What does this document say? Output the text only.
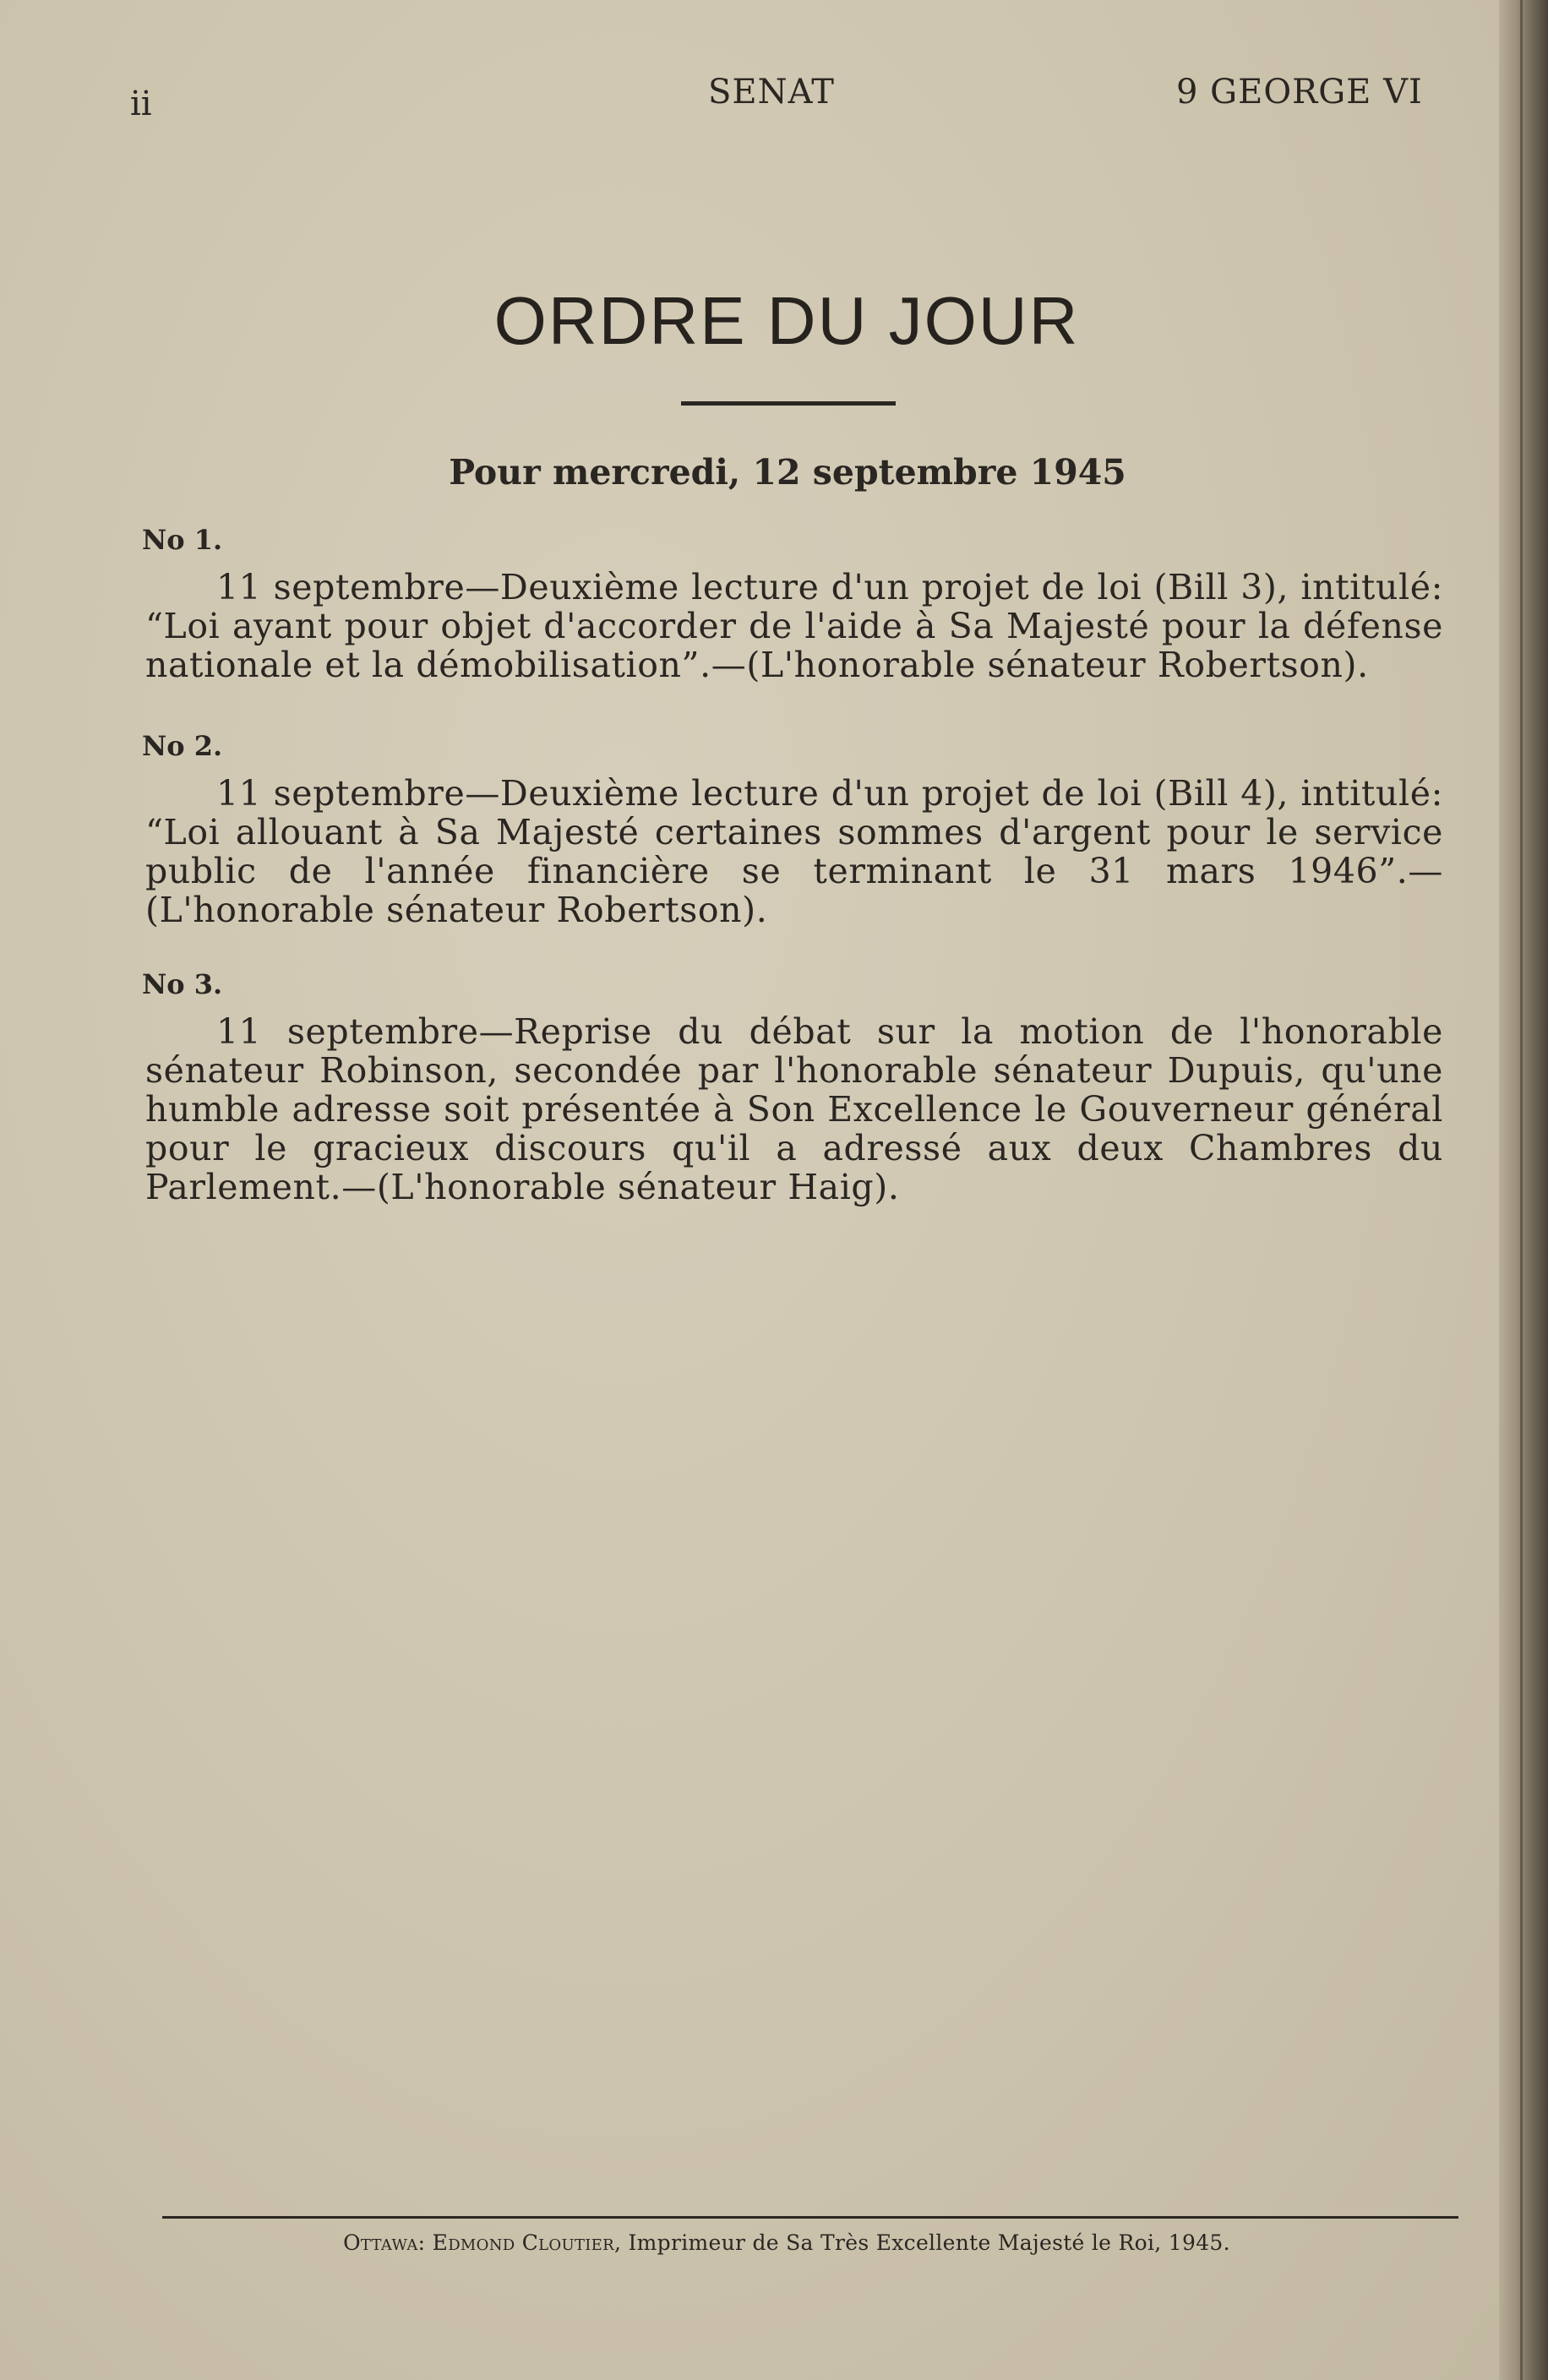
ii	SENAT	9 GEORGE VI
ORDRE DU JOUR
Pour mercredi, 12 septembre 1945
No 1.
11 septembre—Deuxième lecture d'un projet de loi (Bill 3), intitulé: “Loi ayant pour objet d'accorder de l'aide à Sa Majesté pour la défense nationale et la démobilisation”.—(L'honorable sénateur Robertson).
No 2.
11 septembre—Deuxième lecture d'un projet de loi (Bill 4), intitulé: “Loi allouant à Sa Majesté certaines sommes d'argent pour le service public de l'année financière se terminant le 31 mars 1946”.—(L'honorable sénateur Robertson).
No 3.
11 septembre—Reprise du débat sur la motion de l'honorable sénateur Robinson, secondée par l'honorable sénateur Dupuis, qu'une humble adresse soit présentée à Son Excellence le Gouverneur général pour le gracieux discours qu'il a adressé aux deux Chambres du Parlement.—(L'honorable sénateur Haig).
Ottawa: Edmond Cloutier, Imprimeur de Sa Très Excellente Majesté le Roi, 1945.
